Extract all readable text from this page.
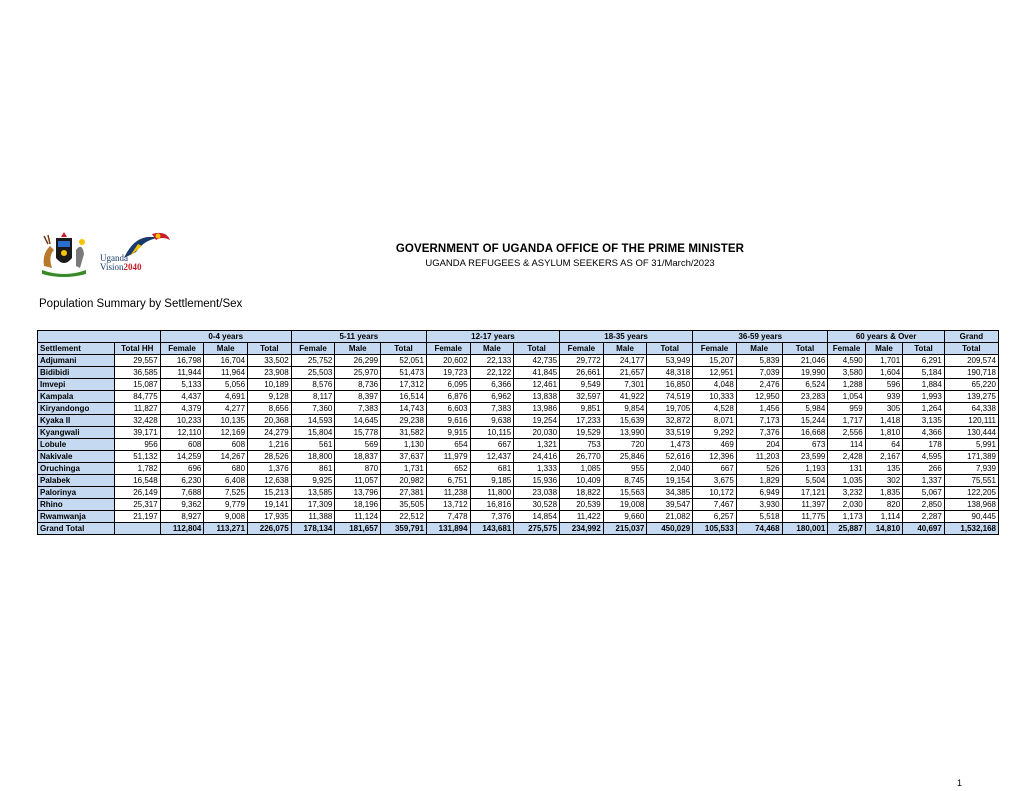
Uganda
Vision2040
GOVERNMENT OF UGANDA OFFICE OF THE PRIME MINISTER
UGANDA REFUGEES & ASYLUM SEEKERS AS OF 31/March/2023
Population Summary by Settlement/Sex
		0-4 years			5-11 years			12-17 years			18-35 years			36-59 years			60 years & Over			Grand
Settlement	Total HH	Female	Male	Total	Female	Male	Total	Female	Male	Total	Female	Male	Total	Female	Male	Total	Female	Male	Total	Total
Adjumani	29,557	16,798	16,704	33,502	25,752	26,299	52,051	20,602	22,133	42,735	29,772	24,177	53,949	15,207	5,839	21,046	4,590	1,701	6,291	209,574
Bidibidi	36,585	11,944	11,964	23,908	25,503	25,970	51,473	19,723	22,122	41,845	26,661	21,657	48,318	12,951	7,039	19,990	3,580	1,604	5,184	190,718
Imvepi	15,087	5,133	5,056	10,189	8,576	8,736	17,312	6,095	6,366	12,461	9,549	7,301	16,850	4,048	2,476	6,524	1,288	596	1,884	65,220
Kampala	84,775	4,437	4,691	9,128	8,117	8,397	16,514	6,876	6,962	13,838	32,597	41,922	74,519	10,333	12,950	23,283	1,054	939	1,993	139,275
Kiryandongo	11,827	4,379	4,277	8,656	7,360	7,383	14,743	6,603	7,383	13,986	9,851	9,854	19,705	4,528	1,456	5,984	959	305	1,264	64,338
Kyaka II	32,428	10,233	10,135	20,368	14,593	14,645	29,238	9,616	9,638	19,254	17,233	15,639	32,872	8,071	7,173	15,244	1,717	1,418	3,135	120,111
Kyangwali	39,171	12,110	12,169	24,279	15,804	15,778	31,582	9,915	10,115	20,030	19,529	13,990	33,519	9,292	7,376	16,668	2,556	1,810	4,366	130,444
Lobule	956	608	608	1,216	561	569	1,130	654	667	1,321	753	720	1,473	469	204	673	114	64	178	5,991
Nakivale	51,132	14,259	14,267	28,526	18,800	18,837	37,637	11,979	12,437	24,416	26,770	25,846	52,616	12,396	11,203	23,599	2,428	2,167	4,595	171,389
Oruchinga	1,782	696	680	1,376	861	870	1,731	652	681	1,333	1,085	955	2,040	667	526	1,193	131	135	266	7,939
Palabek	16,548	6,230	6,408	12,638	9,925	11,057	20,982	6,751	9,185	15,936	10,409	8,745	19,154	3,675	1,829	5,504	1,035	302	1,337	75,551
Palorinya	26,149	7,688	7,525	15,213	13,585	13,796	27,381	11,238	11,800	23,038	18,822	15,563	34,385	10,172	6,949	17,121	3,232	1,835	5,067	122,205
Rhino	25,317	9,362	9,779	19,141	17,309	18,196	35,505	13,712	16,816	30,528	20,539	19,008	39,547	7,467	3,930	11,397	2,030	820	2,850	138,968
Rwamwanja	21,197	8,927	9,008	17,935	11,388	11,124	22,512	7,478	7,376	14,854	11,422	9,660	21,082	6,257	5,518	11,775	1,173	1,114	2,287	90,445
Grand Total		112,804	113,271	226,075	178,134	181,657	359,791	131,894	143,681	275,575	234,992	215,037	450,029	105,533	74,468	180,001	25,887	14,810	40,697	1,532,168
1
